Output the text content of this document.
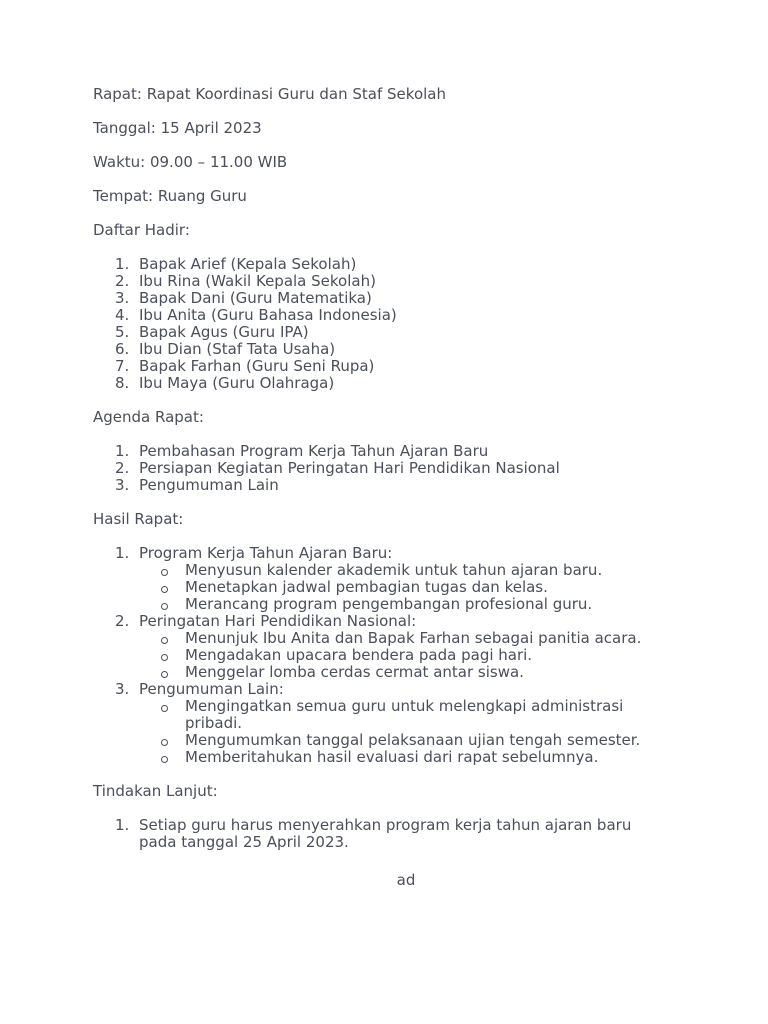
Rapat: Rapat Koordinasi Guru dan Staf Sekolah

Tanggal: 15 April 2023

Waktu: 09.00 – 11.00 WIB

Tempat: Ruang Guru

Daftar Hadir:

1. Bapak Arief (Kepala Sekolah)
2. Ibu Rina (Wakil Kepala Sekolah)
3. Bapak Dani (Guru Matematika)
4. Ibu Anita (Guru Bahasa Indonesia)
5. Bapak Agus (Guru IPA)
6. Ibu Dian (Staf Tata Usaha)
7. Bapak Farhan (Guru Seni Rupa)
8. Ibu Maya (Guru Olahraga)

Agenda Rapat:

1. Pembahasan Program Kerja Tahun Ajaran Baru
2. Persiapan Kegiatan Peringatan Hari Pendidikan Nasional
3. Pengumuman Lain

Hasil Rapat:

1. Program Kerja Tahun Ajaran Baru:
Menyusun kalender akademik untuk tahun ajaran baru.
Menetapkan jadwal pembagian tugas dan kelas.
Merancang program pengembangan profesional guru.
2. Peringatan Hari Pendidikan Nasional:
Menunjuk Ibu Anita dan Bapak Farhan sebagai panitia acara.
Mengadakan upacara bendera pada pagi hari.
Menggelar lomba cerdas cermat antar siswa.
3. Pengumuman Lain:
Mengingatkan semua guru untuk melengkapi administrasi pribadi.
Mengumumkan tanggal pelaksanaan ujian tengah semester.
Memberitahukan hasil evaluasi dari rapat sebelumnya.

Tindakan Lanjut:

1. Setiap guru harus menyerahkan program kerja tahun ajaran baru pada tanggal 25 April 2023.
ad
